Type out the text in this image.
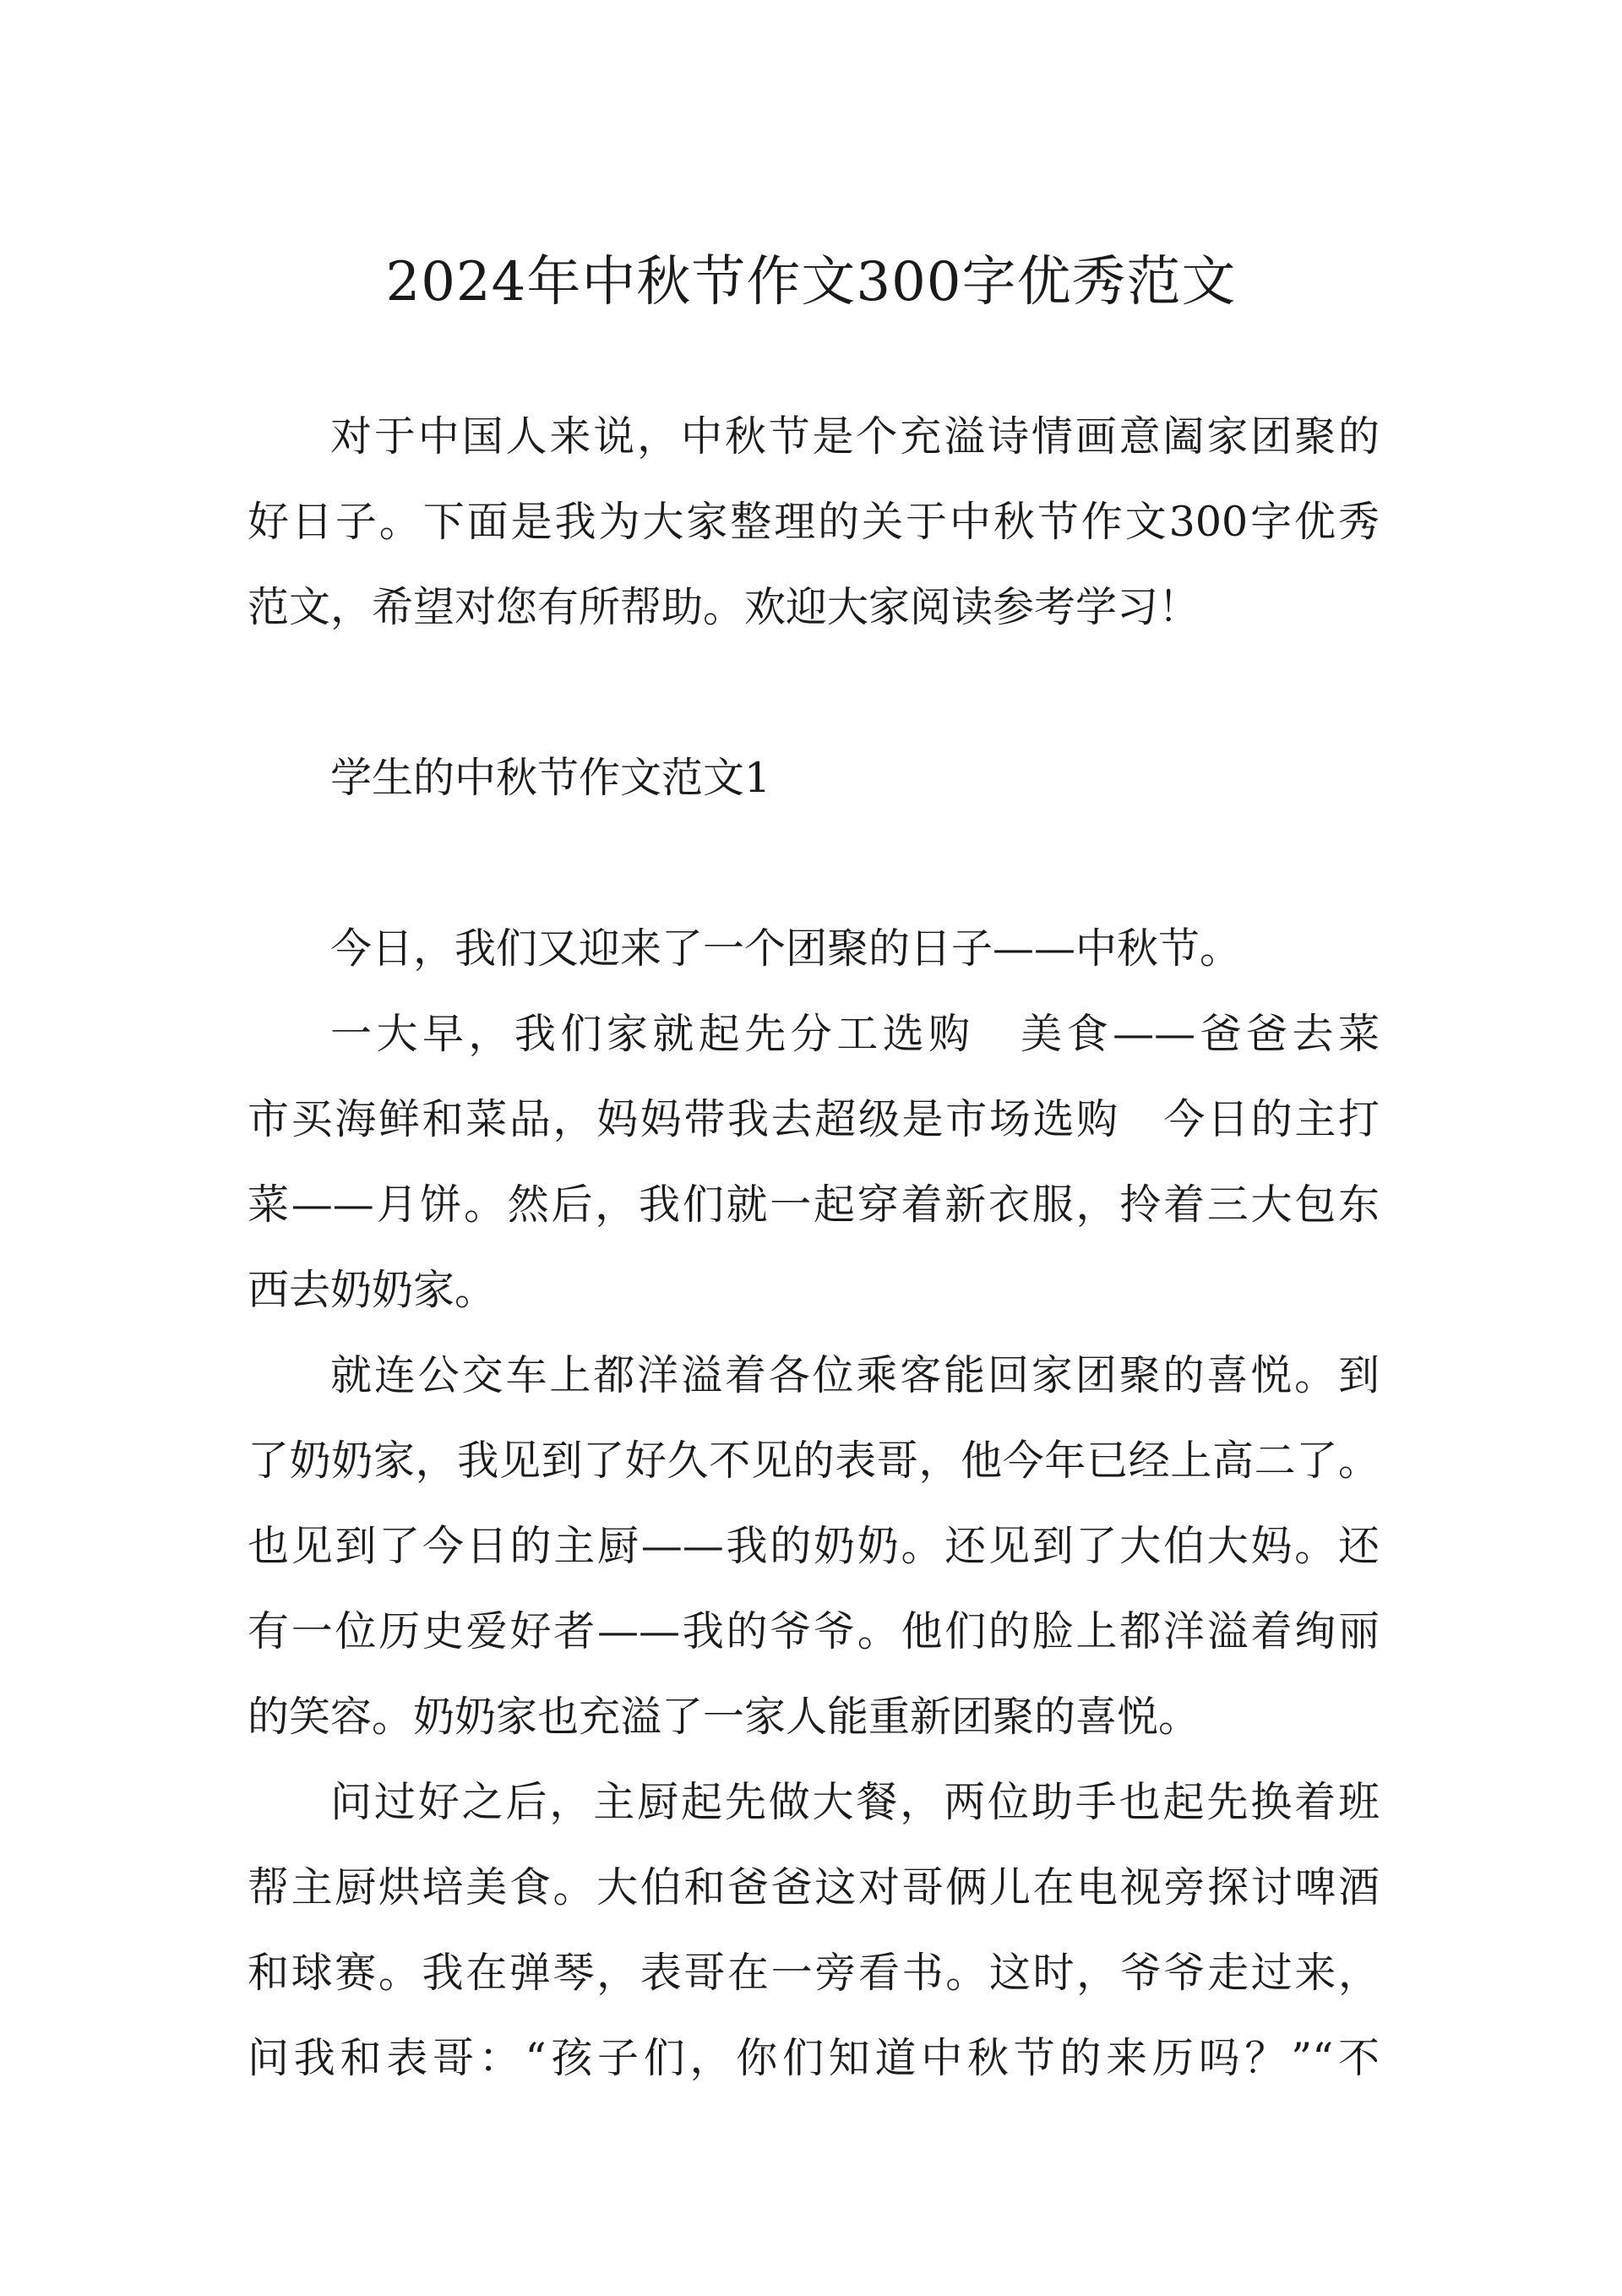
2024年中秋节作文300字优秀范文
对于中国人来说，中秋节是个充溢诗情画意阖家团聚的
好日子。下面是我为大家整理的关于中秋节作文300字优秀
范文，希望对您有所帮助。欢迎大家阅读参考学习！
学生的中秋节作文范文1
今日，我们又迎来了一个团聚的日子——中秋节。
一大早，我们家就起先分工选购　美食——爸爸去菜
市买海鲜和菜品，妈妈带我去超级是市场选购　今日的主打
菜——月饼。然后，我们就一起穿着新衣服，拎着三大包东
西去奶奶家。
就连公交车上都洋溢着各位乘客能回家团聚的喜悦。到
了奶奶家，我见到了好久不见的表哥，他今年已经上高二了。
也见到了今日的主厨——我的奶奶。还见到了大伯大妈。还
有一位历史爱好者——我的爷爷。他们的脸上都洋溢着绚丽
的笑容。奶奶家也充溢了一家人能重新团聚的喜悦。
问过好之后，主厨起先做大餐，两位助手也起先换着班
帮主厨烘培美食。大伯和爸爸这对哥俩儿在电视旁探讨啤酒
和球赛。我在弹琴，表哥在一旁看书。这时，爷爷走过来，
问我和表哥：“孩子们，你们知道中秋节的来历吗？”“不
